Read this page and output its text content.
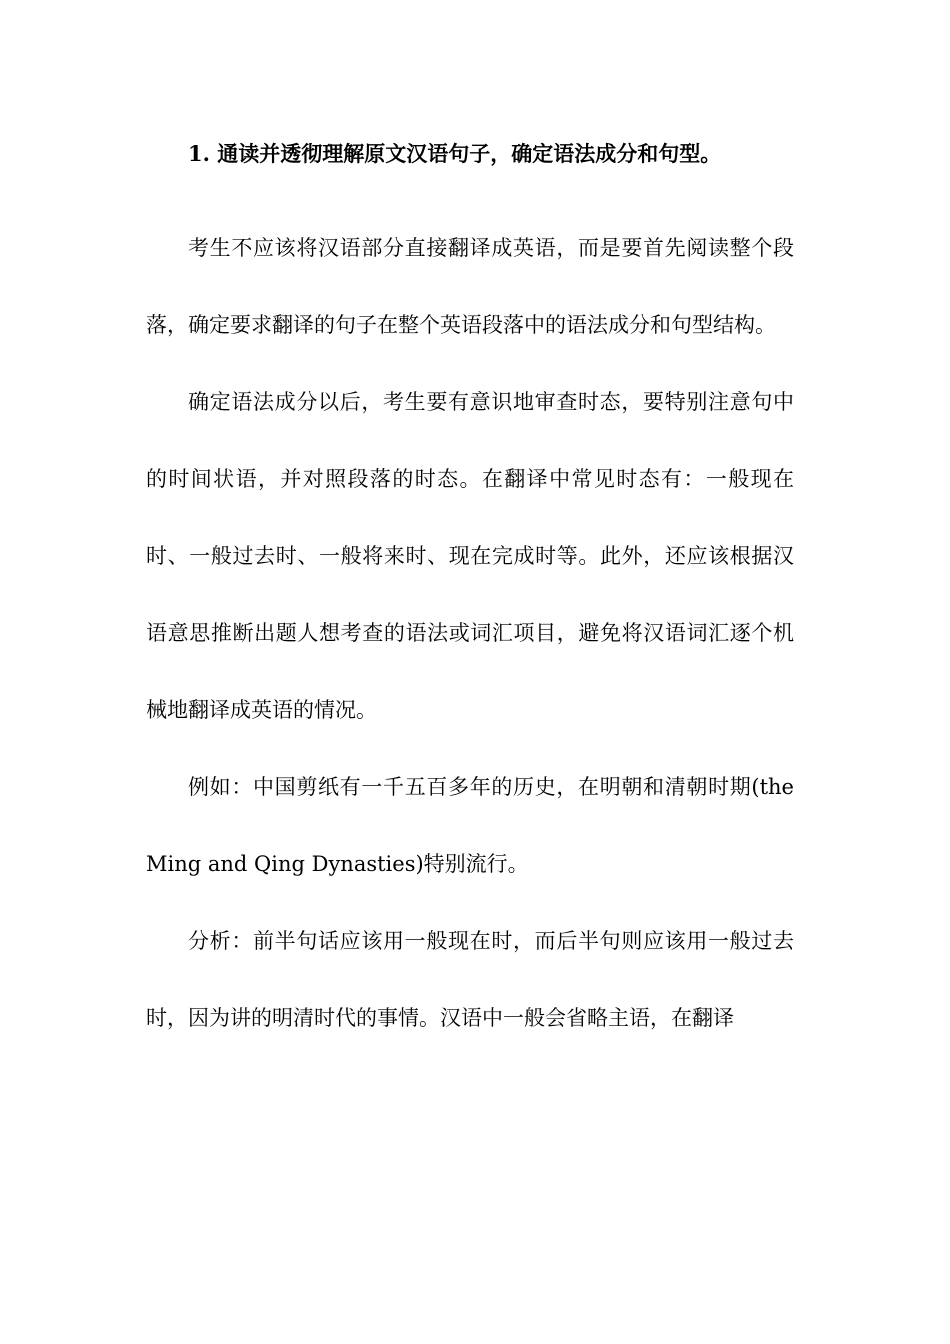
1. 通读并透彻理解原文汉语句子，确定语法成分和句型。

考生不应该将汉语部分直接翻译成英语，而是要首先阅读整个段落，确定要求翻译的句子在整个英语段落中的语法成分和句型结构。

确定语法成分以后，考生要有意识地审查时态，要特别注意句中的时间状语，并对照段落的时态。在翻译中常见时态有：一般现在时、一般过去时、一般将来时、现在完成时等。此外，还应该根据汉语意思推断出题人想考查的语法或词汇项目，避免将汉语词汇逐个机械地翻译成英语的情况。

例如：中国剪纸有一千五百多年的历史，在明朝和清朝时期(the Ming and Qing Dynasties)特别流行。

分析：前半句话应该用一般现在时，而后半句则应该用一般过去时，因为讲的明清时代的事情。汉语中一般会省略主语，在翻译
